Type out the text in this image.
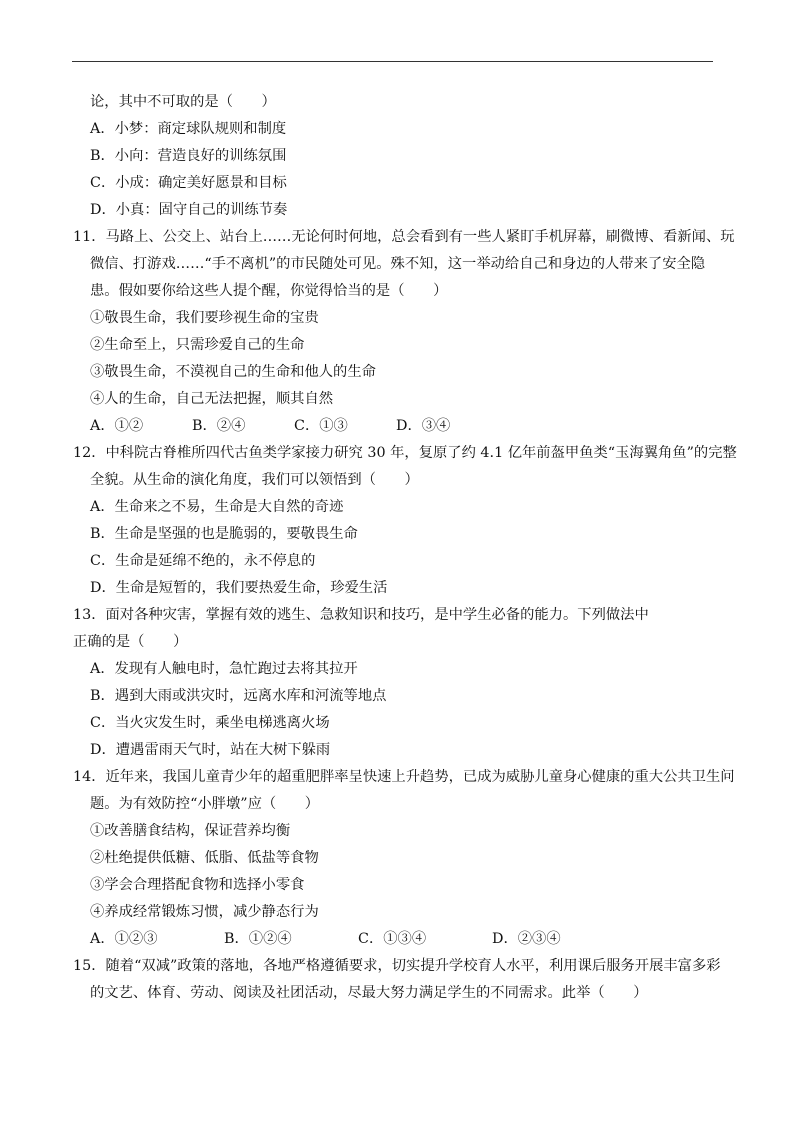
论，其中不可取的是（　　）
A．小梦：商定球队规则和制度
B．小向：营造良好的训练氛围
C．小成：确定美好愿景和目标
D．小真：固守自己的训练节奏
11．马路上、公交上、站台上……无论何时何地，总会看到有一些人紧盯手机屏幕，刷微博、看新闻、玩
微信、打游戏……“手不离机”的市民随处可见。殊不知，这一举动给自己和身边的人带来了安全隐
患。假如要你给这些人提个醒，你觉得恰当的是（　　）
①敬畏生命，我们要珍视生命的宝贵
②生命至上，只需珍爱自己的生命
③敬畏生命，不漠视自己的生命和他人的生命
④人的生命，自己无法把握，顺其自然
A．①②	B．②④	C．①③	D．③④
12．中科院古脊椎所四代古鱼类学家接力研究 30 年，复原了约 4.1 亿年前盔甲鱼类“玉海翼角鱼”的完整
全貌。从生命的演化角度，我们可以领悟到（　　）
A．生命来之不易，生命是大自然的奇迹
B．生命是坚强的也是脆弱的，要敬畏生命
C．生命是延绵不绝的，永不停息的
D．生命是短暂的，我们要热爱生命，珍爱生活
13．面对各种灾害，掌握有效的逃生、急救知识和技巧，是中学生必备的能力。下列做法中
正确的是（　　）
A．发现有人触电时，急忙跑过去将其拉开
B．遇到大雨或洪灾时，远离水库和河流等地点
C．当火灾发生时，乘坐电梯逃离火场
D．遭遇雷雨天气时，站在大树下躲雨
14．近年来，我国儿童青少年的超重肥胖率呈快速上升趋势，已成为威胁儿童身心健康的重大公共卫生问
题。为有效防控“小胖墩”应（　　）
①改善膳食结构，保证营养均衡
②杜绝提供低糖、低脂、低盐等食物
③学会合理搭配食物和选择小零食
④养成经常锻炼习惯，减少静态行为
A．①②③	B．①②④	C．①③④	D．②③④
15．随着“双减”政策的落地，各地严格遵循要求，切实提升学校育人水平，利用课后服务开展丰富多彩
的文艺、体育、劳动、阅读及社团活动，尽最大努力满足学生的不同需求。此举（　　）
